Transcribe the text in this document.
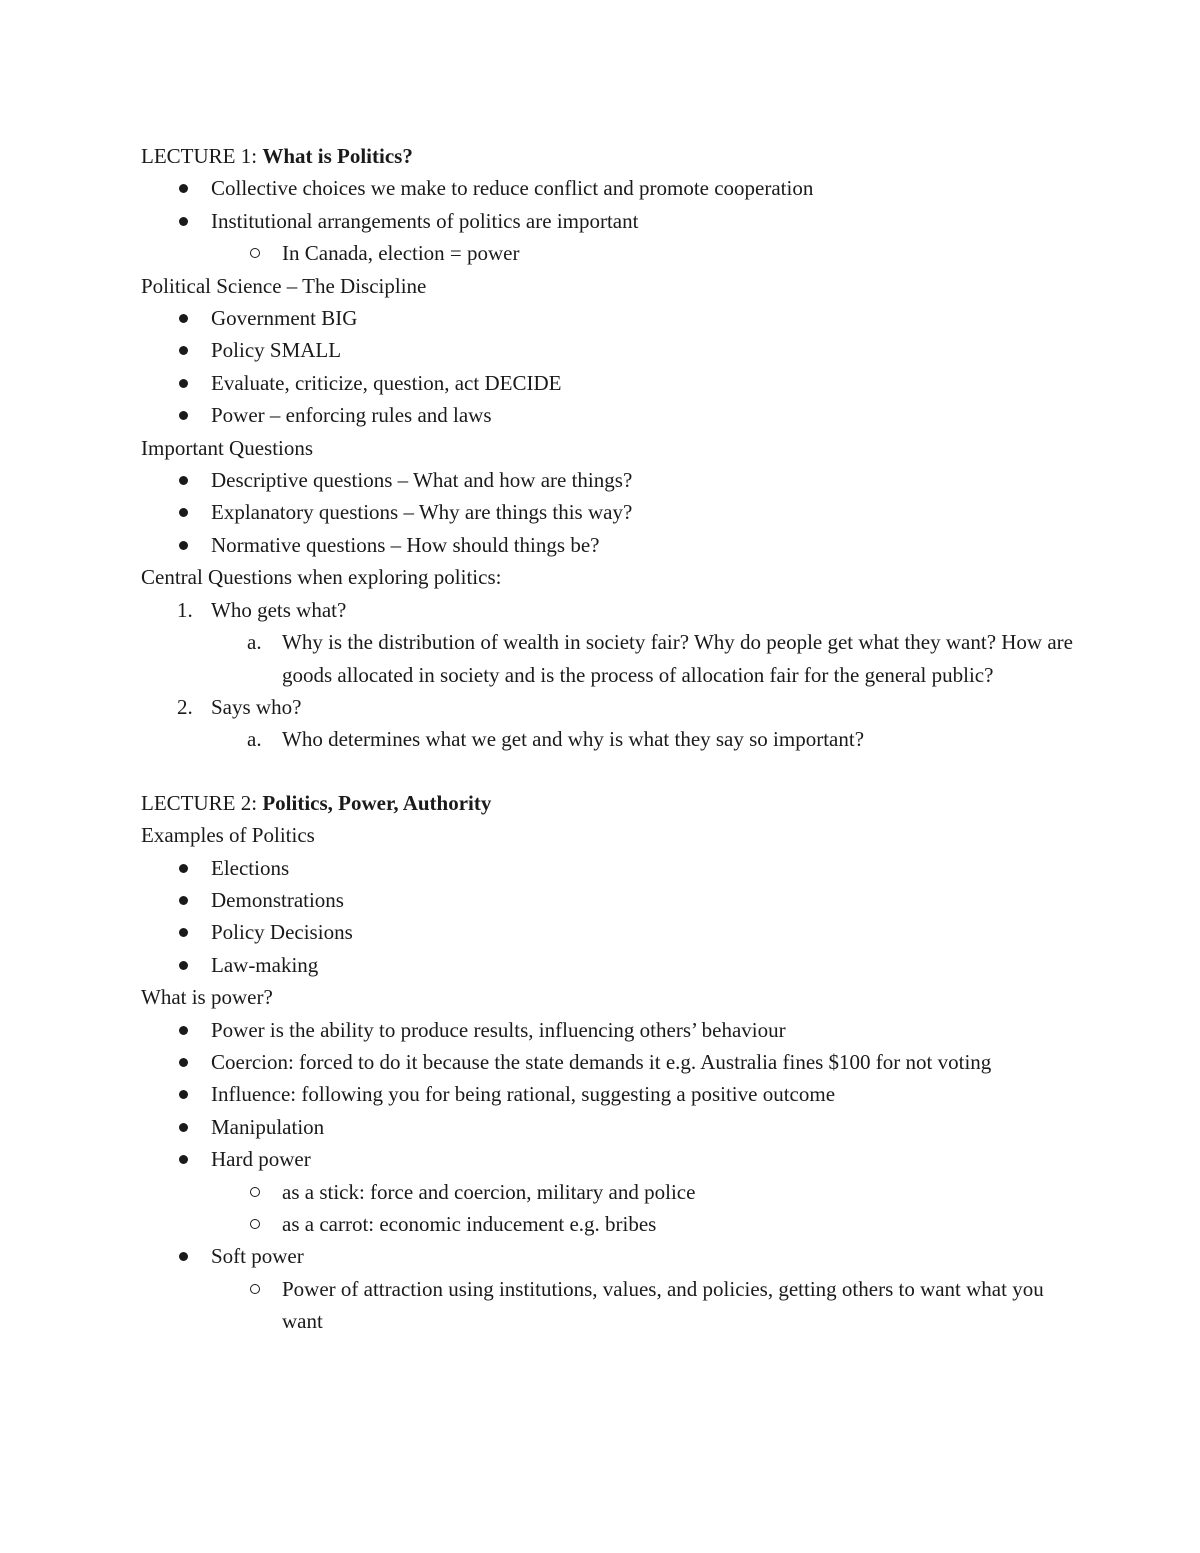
LECTURE 1: What is Politics?

Collective choices we make to reduce conflict and promote cooperation
Institutional arrangements of politics are important
In Canada, election = power

Political Science – The Discipline

Government BIG
Policy SMALL
Evaluate, criticize, question, act DECIDE
Power – enforcing rules and laws

Important Questions

Descriptive questions – What and how are things?
Explanatory questions – Why are things this way?
Normative questions – How should things be?

Central Questions when exploring politics:

1. Who gets what?
a. Why is the distribution of wealth in society fair? Why do people get what they want? How are goods allocated in society and is the process of allocation fair for the general public?
2. Says who?
a. Who determines what we get and why is what they say so important?

LECTURE 2: Politics, Power, Authority

Examples of Politics

Elections
Demonstrations
Policy Decisions
Law-making

What is power?

Power is the ability to produce results, influencing others’ behaviour
Coercion: forced to do it because the state demands it e.g. Australia fines $100 for not voting
Influence: following you for being rational, suggesting a positive outcome
Manipulation
Hard power
as a stick: force and coercion, military and police
as a carrot: economic inducement e.g. bribes
Soft power
Power of attraction using institutions, values, and policies, getting others to want what you want
